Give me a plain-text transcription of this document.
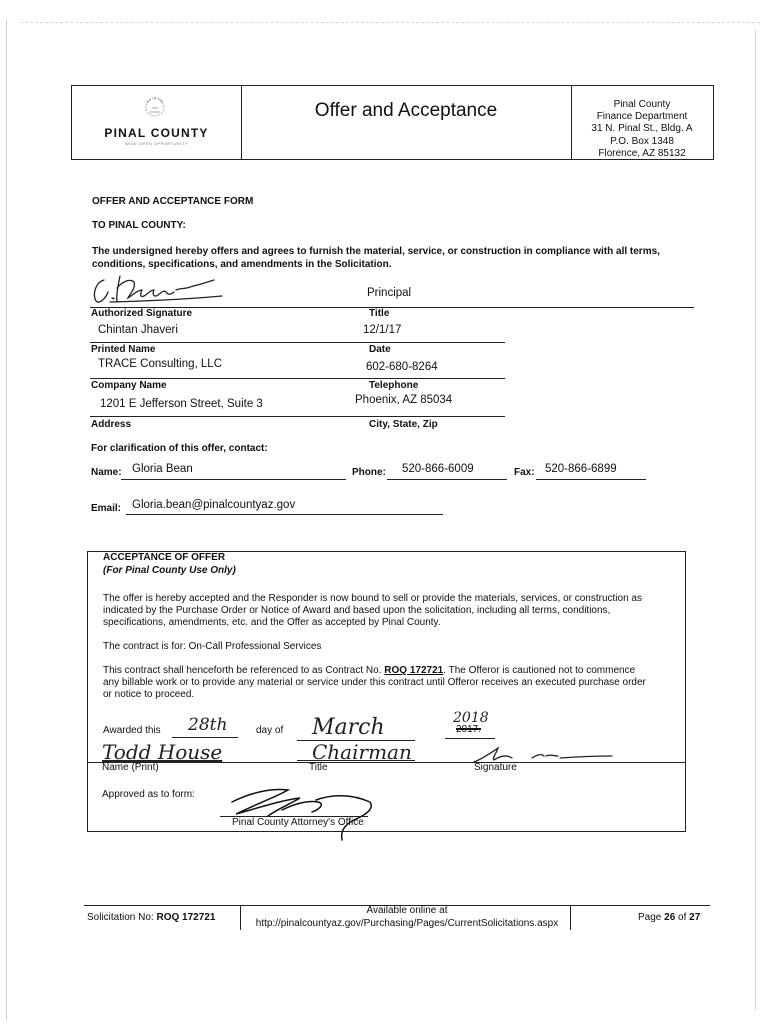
PINAL COUNTY
WIDE OPEN OPPORTUNITY
Offer and Acceptance	Pinal County
Finance Department
31 N. Pinal St., Bldg. A
P.O. Box 1348
Florence, AZ 85132
OFFER AND ACCEPTANCE FORM
TO PINAL COUNTY:
The undersigned hereby offers and agrees to furnish the material, service, or construction in compliance with all terms,
conditions, specifications, and amendments in the Solicitation.
Principal
Authorized Signature	Title
Chintan Jhaveri	12/1/17
Printed Name	Date
TRACE Consulting, LLC	602-680-8264
Company Name	Telephone
1201 E Jefferson Street, Suite 3	Phoenix, AZ 85034
Address	City, State, Zip
For clarification of this offer, contact:
Name: Gloria Bean	Phone: 520-866-6009	Fax: 520-866-6899
Email: Gloria.bean@pinalcountyaz.gov
ACCEPTANCE OF OFFER
(For Pinal County Use Only)
The offer is hereby accepted and the Responder is now bound to sell or provide the materials, services, or construction as
indicated by the Purchase Order or Notice of Award and based upon the solicitation, including all terms, conditions,
specifications, amendments, etc. and the Offer as accepted by Pinal County.
The contract is for: On-Call Professional Services
This contract shall henceforth be referenced to as Contract No. ROQ 172721. The Offeror is cautioned not to commence
any billable work or to provide any material or service under this contract until Offeror receives an executed purchase order
or notice to proceed.
Awarded this 28th	day of March	2018
2017.
Todd House	Chairman
Name (Print)	Title	Signature
Approved as to form:
Pinal County Attorney's Office
Solicitation No: ROQ 172721
Available online at
http://pinalcountyaz.gov/Purchasing/Pages/CurrentSolicitations.aspx	Page 26 of 27
